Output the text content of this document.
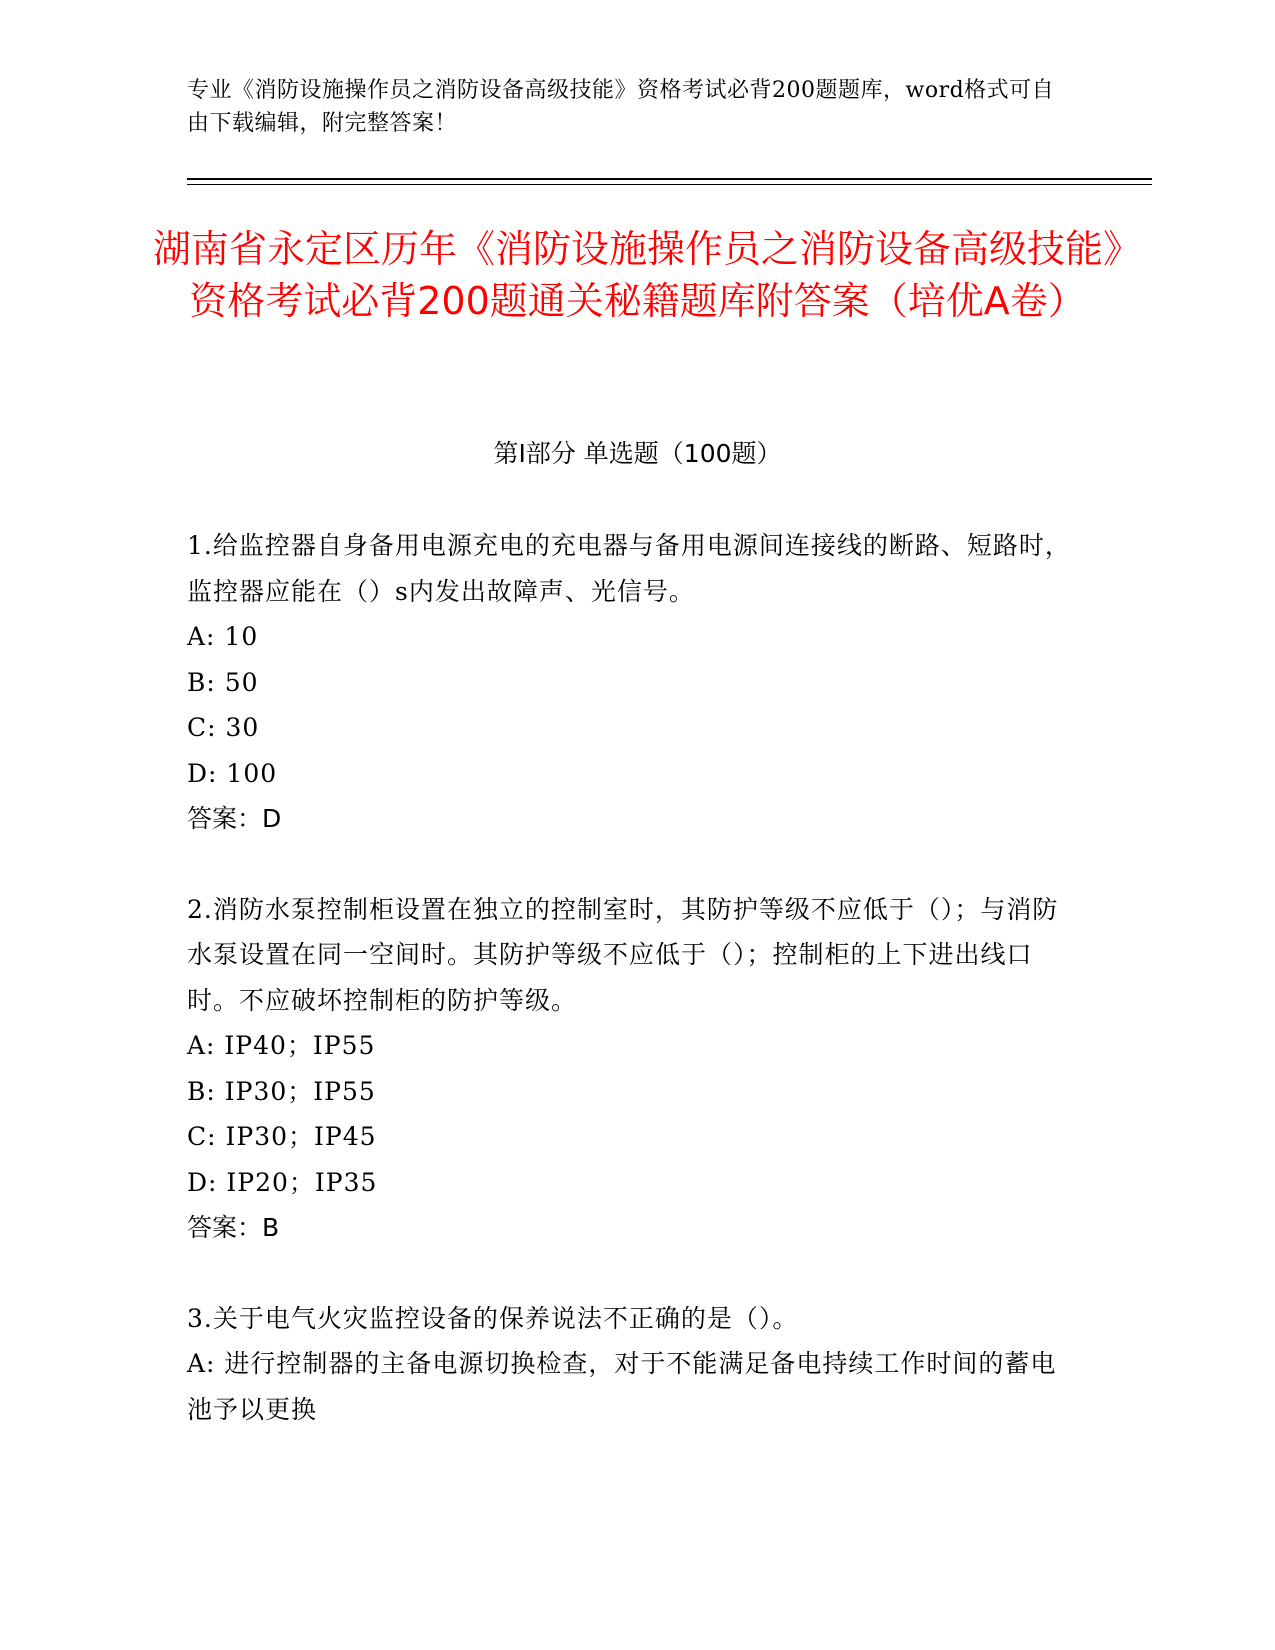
专业《消防设施操作员之消防设备高级技能》资格考试必背200题题库，word格式可自由下载编辑，附完整答案！
湖南省永定区历年《消防设施操作员之消防设备高级技能》资格考试必背200题通关秘籍题库附答案（培优A卷）
第I部分 单选题（100题）

1.给监控器自身备用电源充电的充电器与备用电源间连接线的断路、短路时，监控器应能在（）s内发出故障声、光信号。

A: 10

B: 50

C: 30

D: 100

答案：D

2.消防水泵控制柜设置在独立的控制室时，其防护等级不应低于（）；与消防水泵设置在同一空间时。其防护等级不应低于（）；控制柜的上下进出线口时。不应破坏控制柜的防护等级。

A: IP40；IP55

B: IP30；IP55

C: IP30；IP45

D: IP20；IP35

答案：B

3.关于电气火灾监控设备的保养说法不正确的是（）。

A: 进行控制器的主备电源切换检查，对于不能满足备电持续工作时间的蓄电池予以更换
